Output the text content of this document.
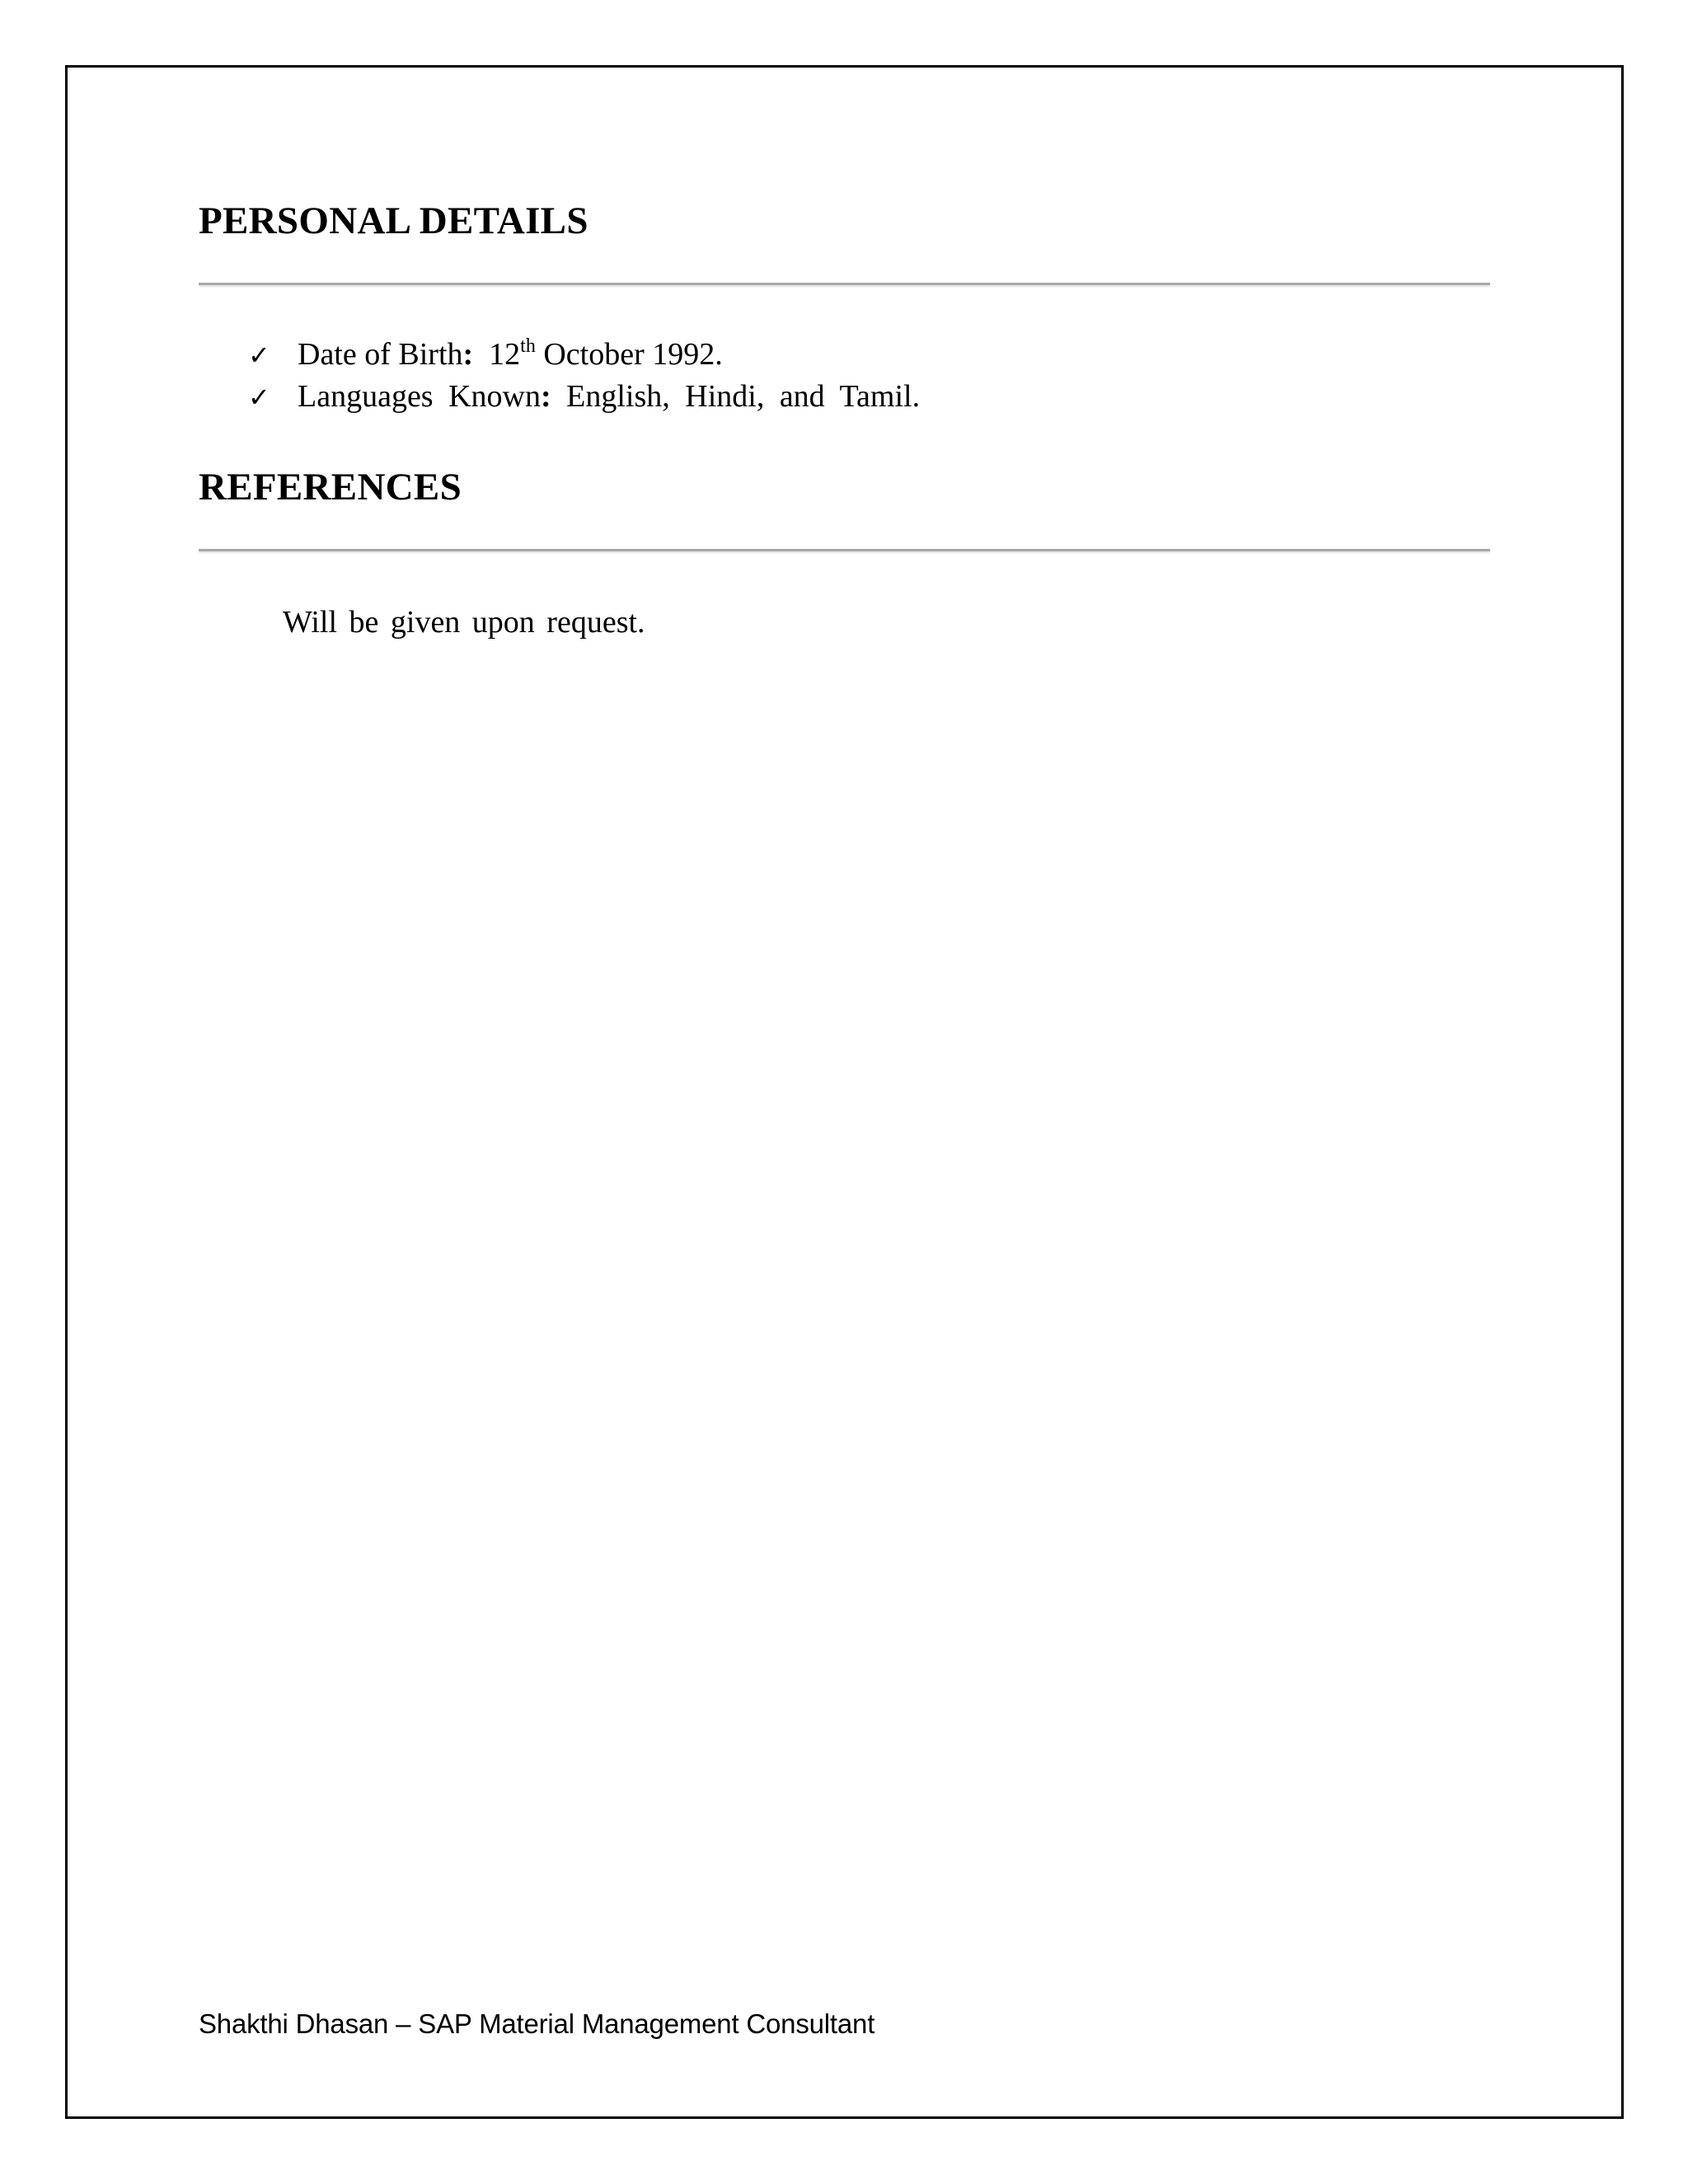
PERSONAL DETAILS
✓ Date of Birth: 12th October 1992.
✓ Languages Known: English, Hindi, and Tamil.
REFERENCES

Will be given upon request.

Shakthi Dhasan – SAP Material Management Consultant
